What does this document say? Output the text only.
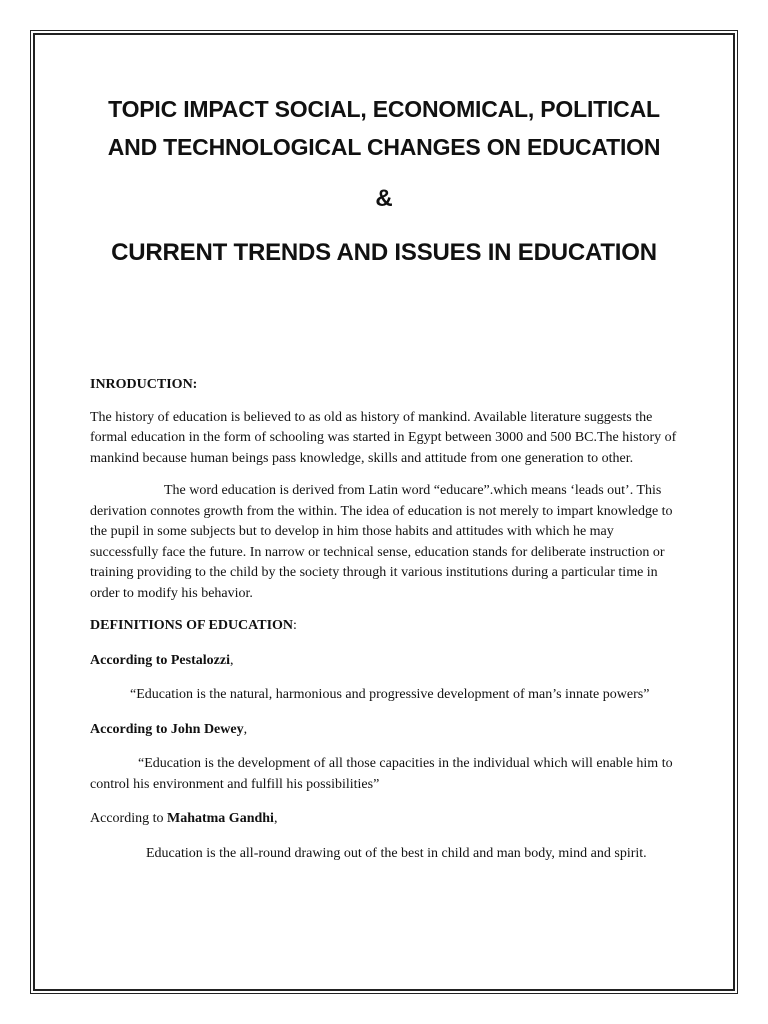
TOPIC IMPACT SOCIAL, ECONOMICAL, POLITICAL

AND TECHNOLOGICAL CHANGES ON EDUCATION

&

CURRENT TRENDS AND ISSUES IN EDUCATION

INRODUCTION:

The history of education is believed to as old as history of mankind. Available literature suggests the formal education in the form of schooling was started in Egypt between 3000 and 500 BC.The history of mankind because human beings pass knowledge, skills and attitude from one generation to other.

The word education is derived from Latin word “educare”.which means ‘leads out’. This derivation connotes growth from the within. The idea of education is not merely to impart knowledge to the pupil in some subjects but to develop in him those habits and attitudes with which he may successfully face the future. In narrow or technical sense, education stands for deliberate instruction or training providing to the child by the society through it various institutions during a particular time in order to modify his behavior.

DEFINITIONS OF EDUCATION:

According to Pestalozzi,

“Education is the natural, harmonious and progressive development of man’s innate powers”

According to John Dewey,

“Education is the development of all those capacities in the individual which will enable him to control his environment and fulfill his possibilities”

According to Mahatma Gandhi,

Education is the all-round drawing out of the best in child and man body, mind and spirit.
